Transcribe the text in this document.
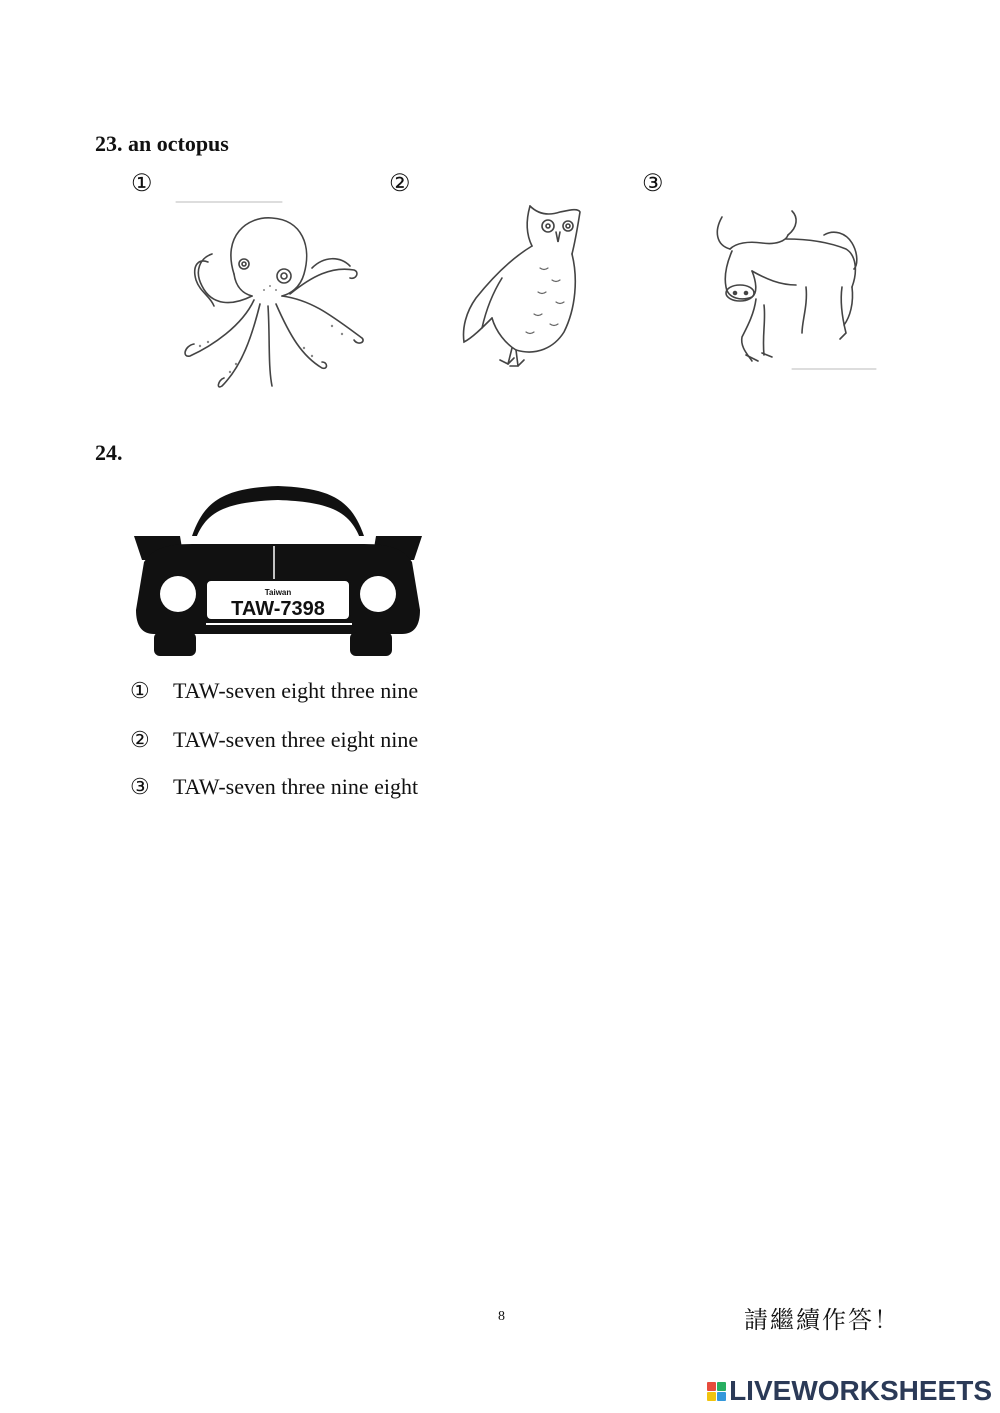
23. an octopus
①	②	③
24.
Taiwan
TAW-7398
①	TAW-seven eight three nine
②	TAW-seven three eight nine
③	TAW-seven three nine eight
8	請繼續作答！
LIVEWORKSHEETS
